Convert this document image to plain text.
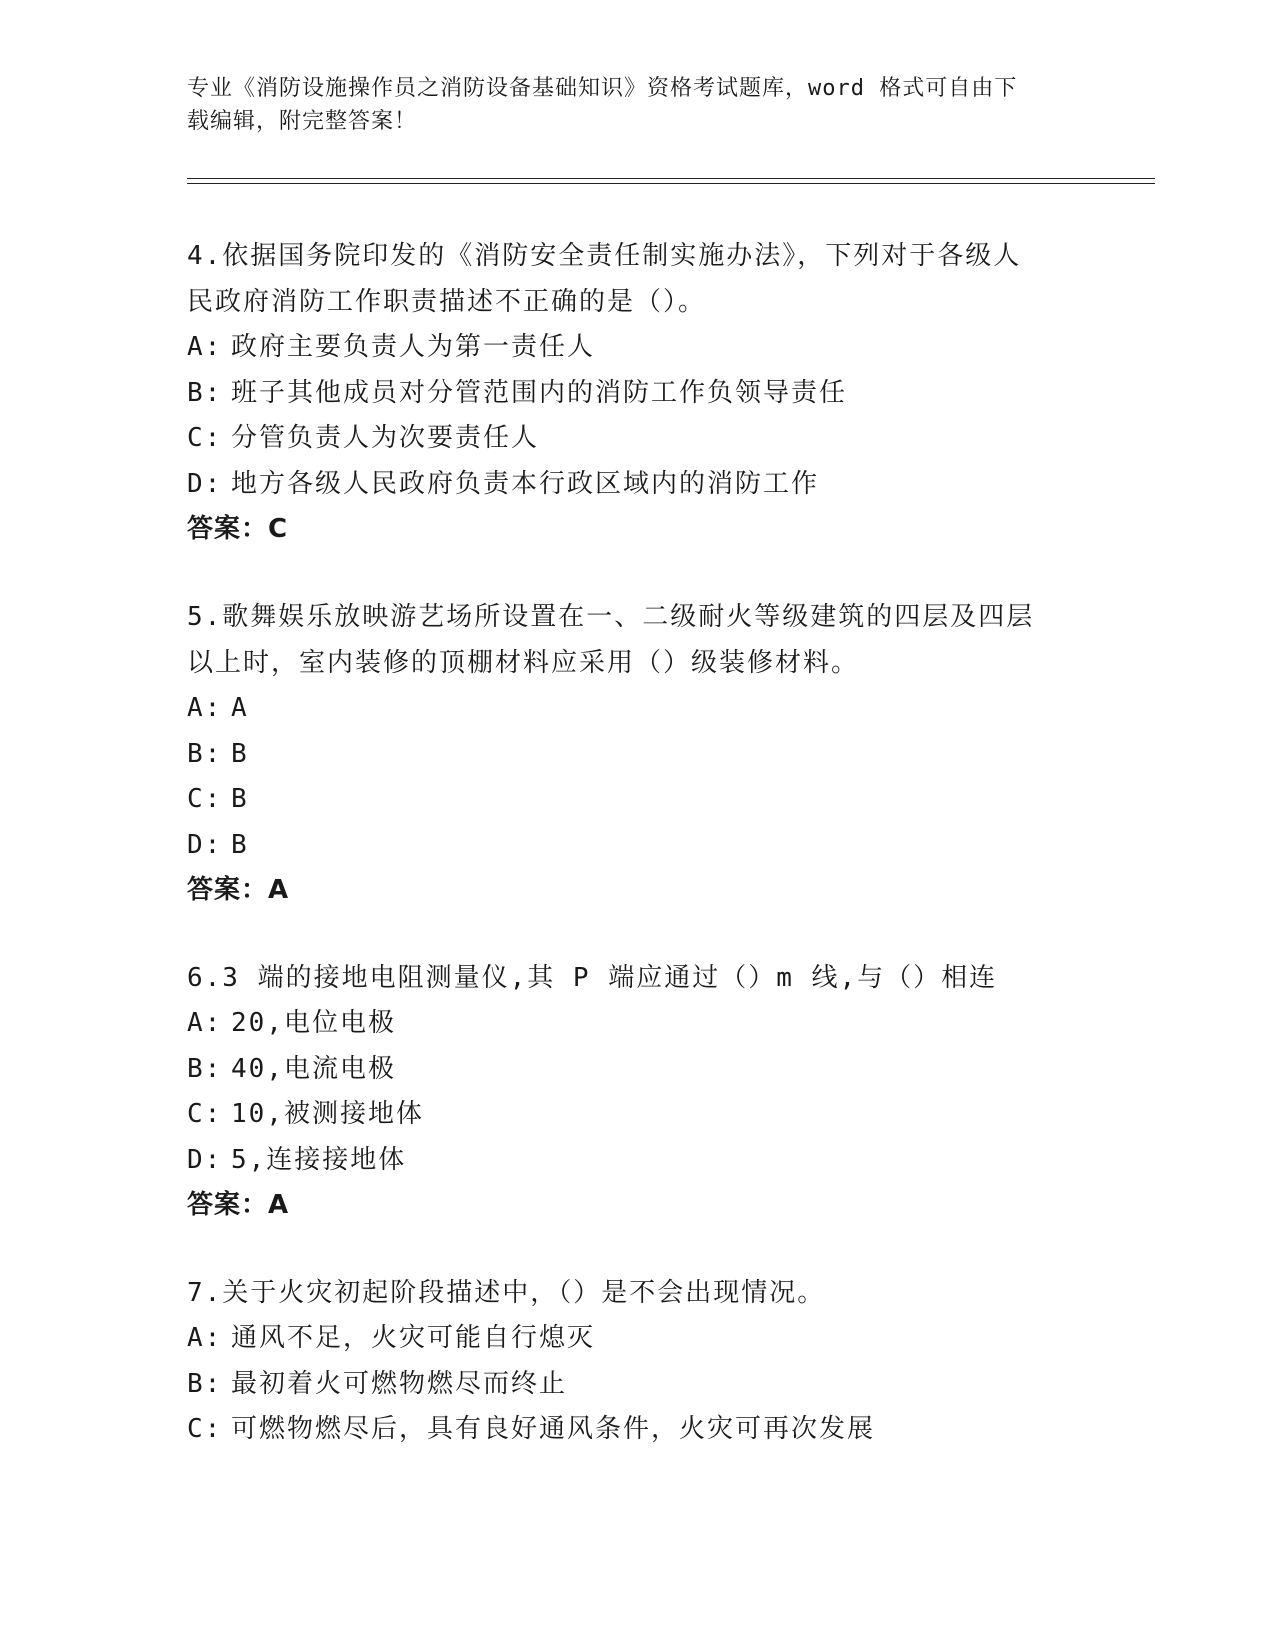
专业《消防设施操作员之消防设备基础知识》资格考试题库，word 格式可自由下
载编辑，附完整答案！

4.依据国务院印发的《消防安全责任制实施办法》，下列对于各级人

民政府消防工作职责描述不正确的是（）。

A: 政府主要负责人为第一责任人

B: 班子其他成员对分管范围内的消防工作负领导责任

C: 分管负责人为次要责任人

D: 地方各级人民政府负责本行政区域内的消防工作

答案：C

5.歌舞娱乐放映游艺场所设置在一、二级耐火等级建筑的四层及四层

以上时，室内装修的顶棚材料应采用（）级装修材料。

A: A

B: B

C: B

D: B

答案：A

6.3 端的接地电阻测量仪,其 P 端应通过（）m 线,与（）相连

A: 20,电位电极

B: 40,电流电极

C: 10,被测接地体

D: 5,连接接地体

答案：A

7.关于火灾初起阶段描述中，（）是不会出现情况。

A: 通风不足，火灾可能自行熄灭

B: 最初着火可燃物燃尽而终止

C: 可燃物燃尽后，具有良好通风条件，火灾可再次发展
